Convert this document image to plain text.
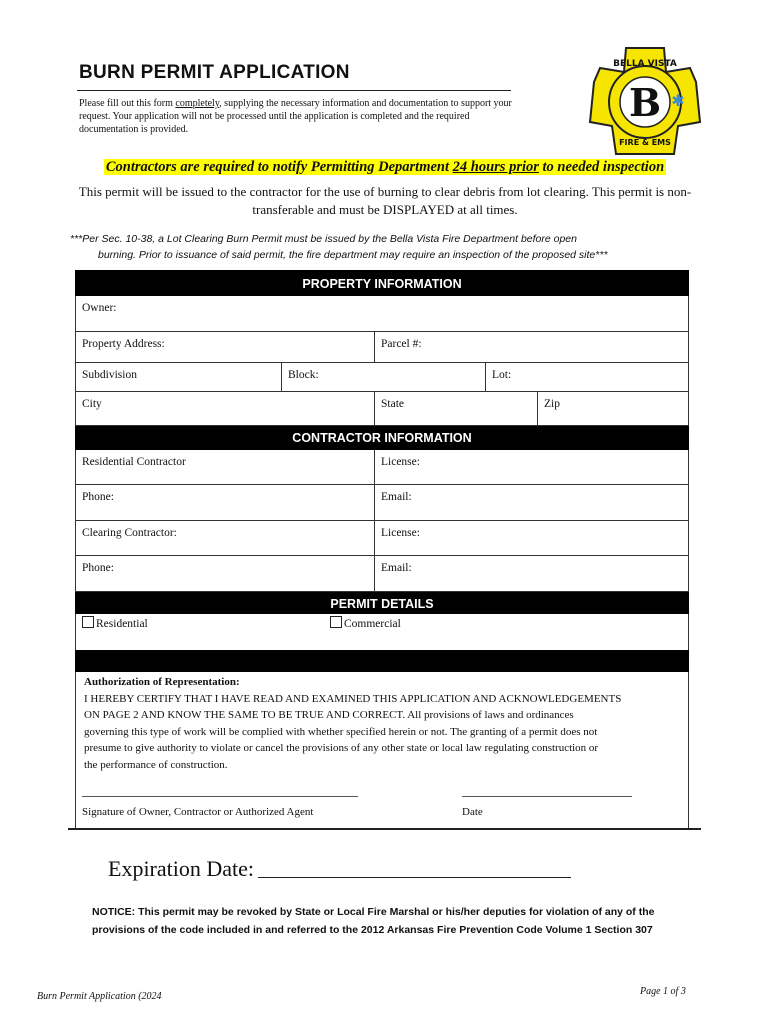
BURN PERMIT APPLICATION
Please fill out this form completely, supplying the necessary information and documentation to support your request. Your application will not be processed until the application is completed and the required documentation is provided.
B
BELLA VISTA
FIRE & EMS
✱
Contractors are required to notify Permitting Department 24 hours prior to needed inspection
This permit will be issued to the contractor for the use of burning to clear debris from lot clearing. This permit is non-transferable and must be DISPLAYED at all times.
***Per Sec. 10-38, a Lot Clearing Burn Permit must be issued by the Bella Vista Fire Department before open
burning. Prior to issuance of said permit, the fire department may require an inspection of the proposed site***
PROPERTY INFORMATION
Owner:
Property Address:	Parcel #:
Subdivision	Block:	Lot:
City	State	Zip
CONTRACTOR INFORMATION
Residential Contractor	License:
Phone:	Email:
Clearing Contractor:	License:
Phone:	Email:
PERMIT DETAILS
Residential	Commercial
Authorization of Representation:
I HEREBY CERTIFY THAT I HAVE READ AND EXAMINED THIS APPLICATION AND ACKNOWLEDGEMENTS
ON PAGE 2 AND KNOW THE SAME TO BE TRUE AND CORRECT. All provisions of laws and ordinances
governing this type of work will be complied with whether specified herein or not. The granting of a permit does not
presume to give authority to violate or cancel the provisions of any other state or local law regulating construction or
the performance of construction.
Signature of Owner, Contractor or Authorized Agent	Date
Expiration Date:
NOTICE: This permit may be revoked by State or Local Fire Marshal or his/her deputies for violation of any of the
provisions of the code included in and referred to the 2012 Arkansas Fire Prevention Code Volume 1 Section 307
Burn Permit Application (2024	Page 1 of 3
